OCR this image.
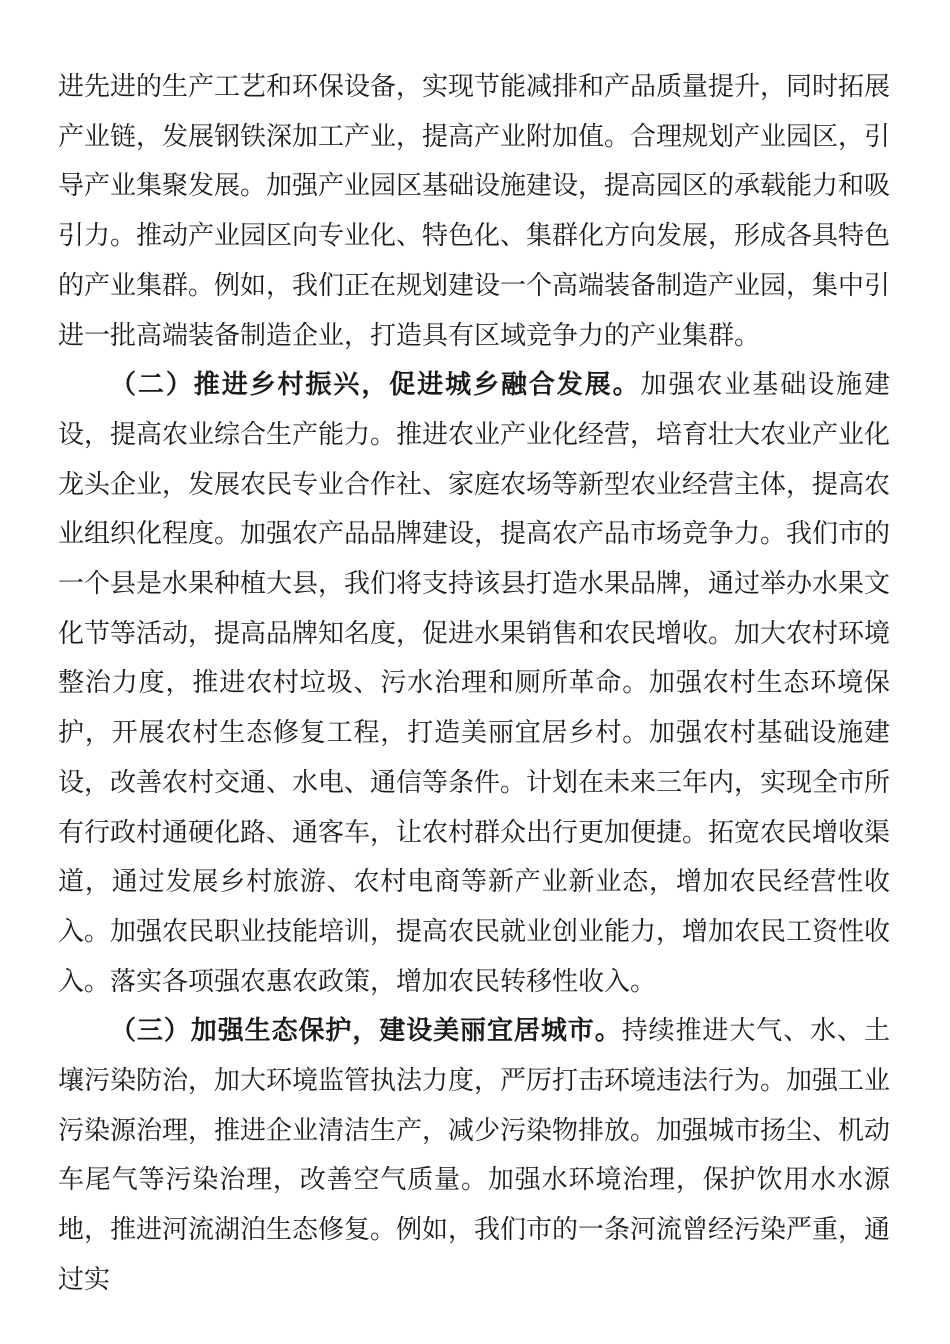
进先进的生产工艺和环保设备，实现节能减排和产品质量提升，同时拓展产业链，发展钢铁深加工产业，提高产业附加值。合理规划产业园区，引导产业集聚发展。加强产业园区基础设施建设，提高园区的承载能力和吸引力。推动产业园区向专业化、特色化、集群化方向发展，形成各具特色的产业集群。例如，我们正在规划建设一个高端装备制造产业园，集中引进一批高端装备制造企业，打造具有区域竞争力的产业集群。

（二）推进乡村振兴，促进城乡融合发展。加强农业基础设施建设，提高农业综合生产能力。推进农业产业化经营，培育壮大农业产业化龙头企业，发展农民专业合作社、家庭农场等新型农业经营主体，提高农业组织化程度。加强农产品品牌建设，提高农产品市场竞争力。我们市的一个县是水果种植大县，我们将支持该县打造水果品牌，通过举办水果文化节等活动，提高品牌知名度，促进水果销售和农民增收。加大农村环境整治力度，推进农村垃圾、污水治理和厕所革命。加强农村生态环境保护，开展农村生态修复工程，打造美丽宜居乡村。加强农村基础设施建设，改善农村交通、水电、通信等条件。计划在未来三年内，实现全市所有行政村通硬化路、通客车，让农村群众出行更加便捷。拓宽农民增收渠道，通过发展乡村旅游、农村电商等新产业新业态，增加农民经营性收入。加强农民职业技能培训，提高农民就业创业能力，增加农民工资性收入。落实各项强农惠农政策，增加农民转移性收入。

（三）加强生态保护，建设美丽宜居城市。持续推进大气、水、土壤污染防治，加大环境监管执法力度，严厉打击环境违法行为。加强工业污染源治理，推进企业清洁生产，减少污染物排放。加强城市扬尘、机动车尾气等污染治理，改善空气质量。加强水环境治理，保护饮用水水源地，推进河流湖泊生态修复。例如，我们市的一条河流曾经污染严重，通过实
